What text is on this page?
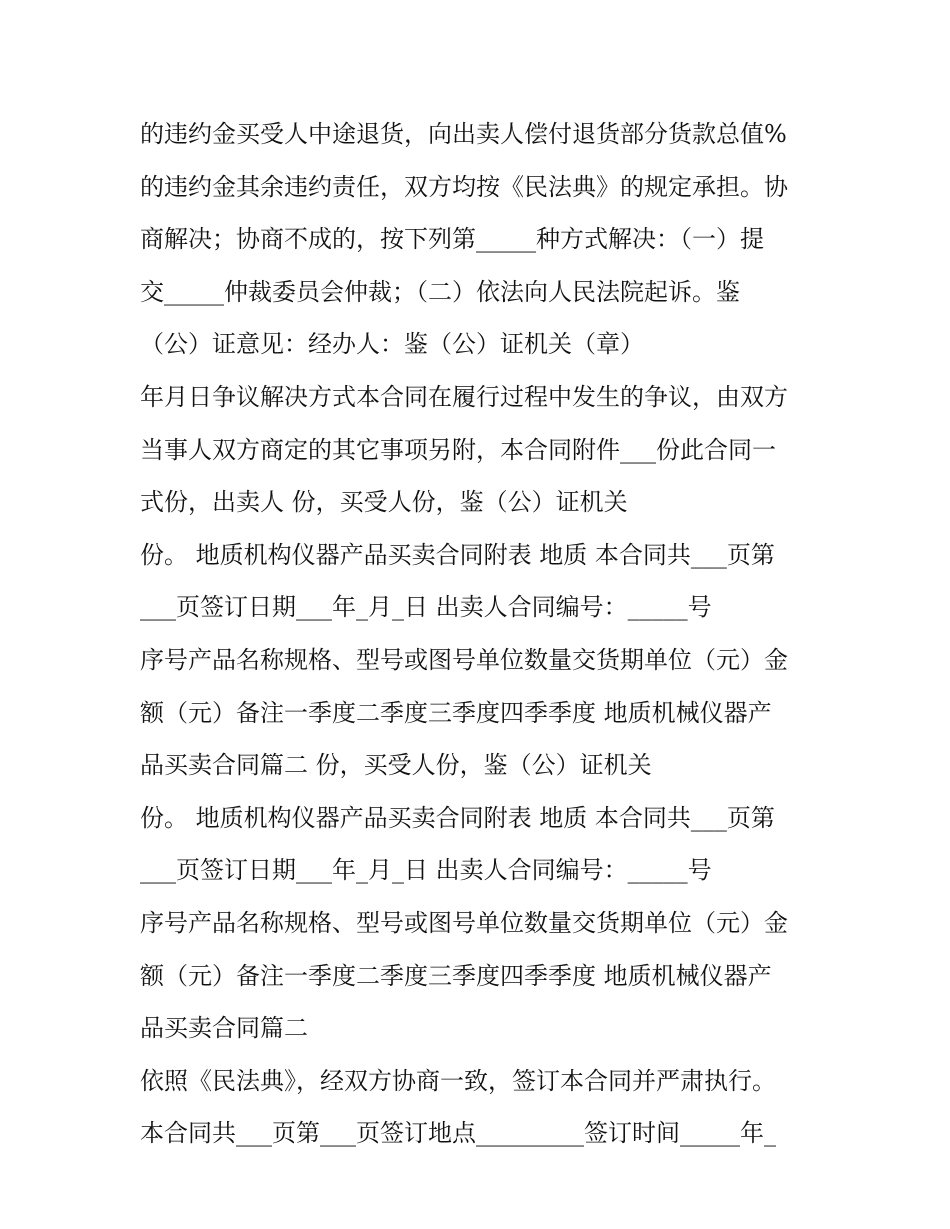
的违约金买受人中途退货，向出卖人偿付退货部分货款总值%
的违约金其余违约责任，双方均按《民法典》的规定承担。协
商解决；协商不成的，按下列第_____种方式解决：（一）提
交_____仲裁委员会仲裁；（二）依法向人民法院起诉。鉴
（公）证意见：经办人：鉴（公）证机关（章）
年月日争议解决方式本合同在履行过程中发生的争议，由双方
当事人双方商定的其它事项另附，本合同附件___份此合同一
式份，出卖人 份，买受人份，鉴（公）证机关
份。 地质机构仪器产品买卖合同附表 地质 本合同共___页第
___页签订日期___年_月_日 出卖人合同编号：_____号
序号产品名称规格、型号或图号单位数量交货期单位（元）金
额（元）备注一季度二季度三季度四季季度 地质机械仪器产
品买卖合同篇二 份，买受人份，鉴（公）证机关
份。 地质机构仪器产品买卖合同附表 地质 本合同共___页第
___页签订日期___年_月_日 出卖人合同编号：_____号
序号产品名称规格、型号或图号单位数量交货期单位（元）金
额（元）备注一季度二季度三季度四季季度 地质机械仪器产
品买卖合同篇二
依照《民法典》，经双方协商一致，签订本合同并严肃执行。
本合同共___页第___页签订地点_________签订时间_____年_
